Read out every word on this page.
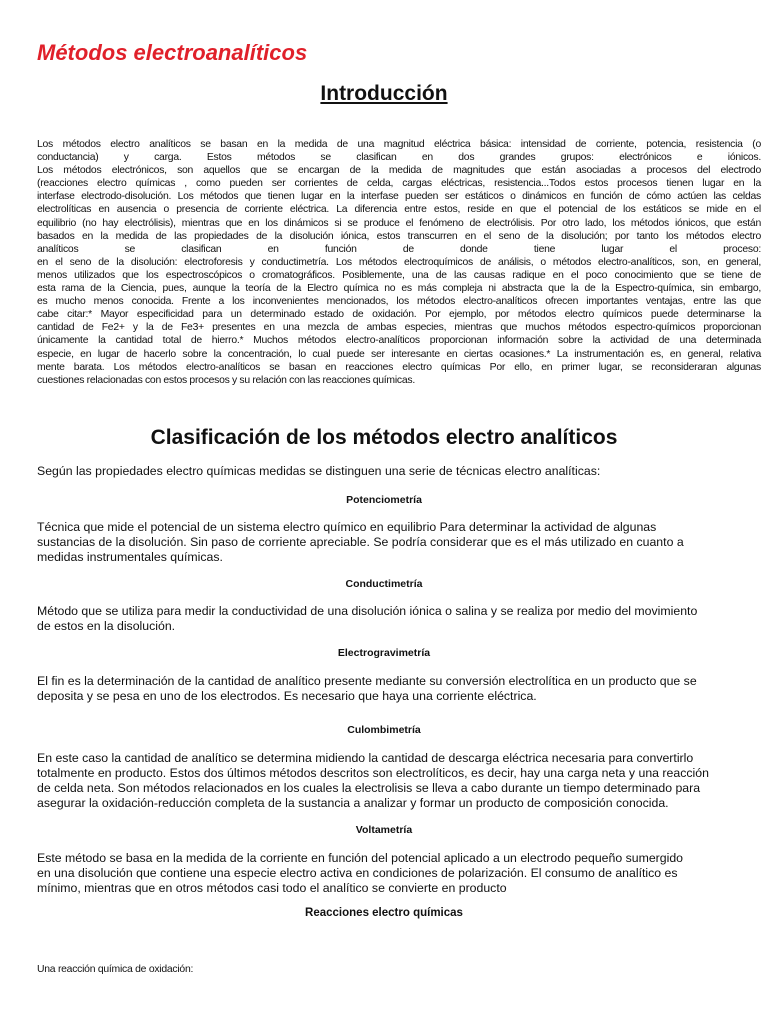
Métodos electroanalíticos
Introducción

Los métodos electro analíticos se basan en la medida de una magnitud eléctrica básica: intensidad de corriente, potencia, resistencia (o

conductancia) y carga. Estos métodos se clasifican en dos grandes grupos: electrónicos e iónicos.

Los métodos electrónicos, son aquellos que se encargan de la medida de magnitudes que están asociadas a procesos del electrodo

(reacciones electro químicas , como pueden ser corrientes de celda, cargas eléctricas, resistencia...Todos estos procesos tienen lugar en la

interfase electrodo-disolución. Los métodos que tienen lugar en la interfase pueden ser estáticos o dinámicos en función de cómo actúen las celdas

electrolíticas en ausencia o presencia de corriente eléctrica. La diferencia entre estos, reside en que el potencial de los estáticos se mide en el

equilibrio (no hay electrólisis), mientras que en los dinámicos si se produce el fenómeno de electrólisis. Por otro lado, los métodos iónicos, que están

basados en la medida de las propiedades de la disolución iónica, estos transcurren en el seno de la disolución; por tanto los métodos electro

analíticos se clasifican en función de donde tiene lugar el proceso:

en el seno de la disolución: electroforesis y conductimetría. Los métodos electroquímicos de análisis, o métodos electro-analíticos, son, en general,

menos utilizados que los espectroscópicos o cromatográficos. Posiblemente, una de las causas radique en el poco conocimiento que se tiene de

esta rama de la Ciencia, pues, aunque la teoría de la Electro química no es más compleja ni abstracta que la de la Espectro-química, sin embargo,

es mucho menos conocida. Frente a los inconvenientes mencionados, los métodos electro-analíticos ofrecen importantes ventajas, entre las que

cabe citar:* Mayor especificidad para un determinado estado de oxidación. Por ejemplo, por métodos electro químicos puede determinarse la

cantidad de Fe2+ y la de Fe3+ presentes en una mezcla de ambas especies, mientras que muchos métodos espectro-químicos proporcionan

únicamente la cantidad total de hierro.* Muchos métodos electro-analíticos proporcionan información sobre la actividad de una determinada

especie, en lugar de hacerlo sobre la concentración, lo cual puede ser interesante en ciertas ocasiones.* La instrumentación es, en general, relativa

mente barata. Los métodos electro-analíticos se basan en reacciones electro químicas Por ello, en primer lugar, se reconsideraran algunas

cuestiones relacionadas con estos procesos y su relación con las reacciones químicas.

Clasificación de los métodos electro analíticos

Según las propiedades electro químicas medidas se distinguen una serie de técnicas electro analíticas:

Potenciometría

Técnica que mide el potencial de un sistema electro químico en equilibrio Para determinar la actividad de algunas

sustancias de la disolución. Sin paso de corriente apreciable. Se podría considerar que es el más utilizado en cuanto a

medidas instrumentales químicas.

Conductimetría

Método que se utiliza para medir la conductividad de una disolución iónica o salina y se realiza por medio del movimiento

de estos en la disolución.

Electrogravimetría

El fin es la determinación de la cantidad de analítico presente mediante su conversión electrolítica en un producto que se

deposita y se pesa en uno de los electrodos. Es necesario que haya una corriente eléctrica.

Culombimetría

En este caso la cantidad de analítico se determina midiendo la cantidad de descarga eléctrica necesaria para convertirlo

totalmente en producto. Estos dos últimos métodos descritos son electrolíticos, es decir, hay una carga neta y una reacción

de celda neta. Son métodos relacionados en los cuales la electrolisis se lleva a cabo durante un tiempo determinado para

asegurar la oxidación-reducción completa de la sustancia a analizar y formar un producto de composición conocida.

Voltametría

Este método se basa en la medida de la corriente en función del potencial aplicado a un electrodo pequeño sumergido

en una disolución que contiene una especie electro activa en condiciones de polarización. El consumo de analítico es

mínimo, mientras que en otros métodos casi todo el analítico se convierte en producto

Reacciones electro químicas

Una reacción química de oxidación:
